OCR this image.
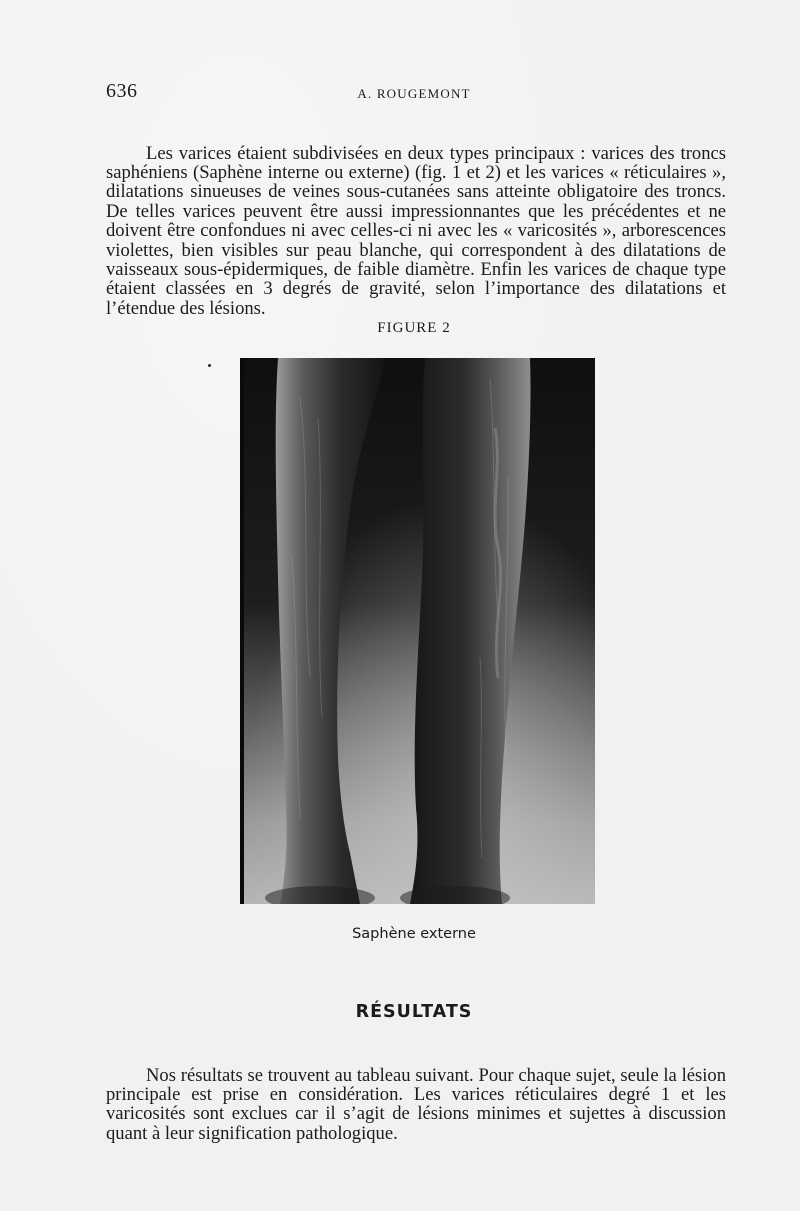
636	A. ROUGEMONT

Les varices étaient subdivisées en deux types principaux : varices des troncs saphéniens (Saphène interne ou externe) (fig. 1 et 2) et les varices « réticulaires », dilatations sinueuses de veines sous-cutanées sans atteinte obligatoire des troncs. De telles varices peuvent être aussi impressionnantes que les précédentes et ne doivent être confondues ni avec celles-ci ni avec les « varicosités », arborescences violettes, bien visibles sur peau blanche, qui correspondent à des dilatations de vaisseaux sous-épidermiques, de faible diamètre. Enfin les varices de chaque type étaient classées en 3 degrés de gravité, selon l’importance des dilatations et l’étendue des lésions.

FIGURE 2
Saphène externe
RÉSULTATS

Nos résultats se trouvent au tableau suivant. Pour chaque sujet, seule la lésion principale est prise en considération. Les varices réticulaires degré 1 et les varicosités sont exclues car il s’agit de lésions minimes et sujettes à discussion quant à leur signification pathologique.
